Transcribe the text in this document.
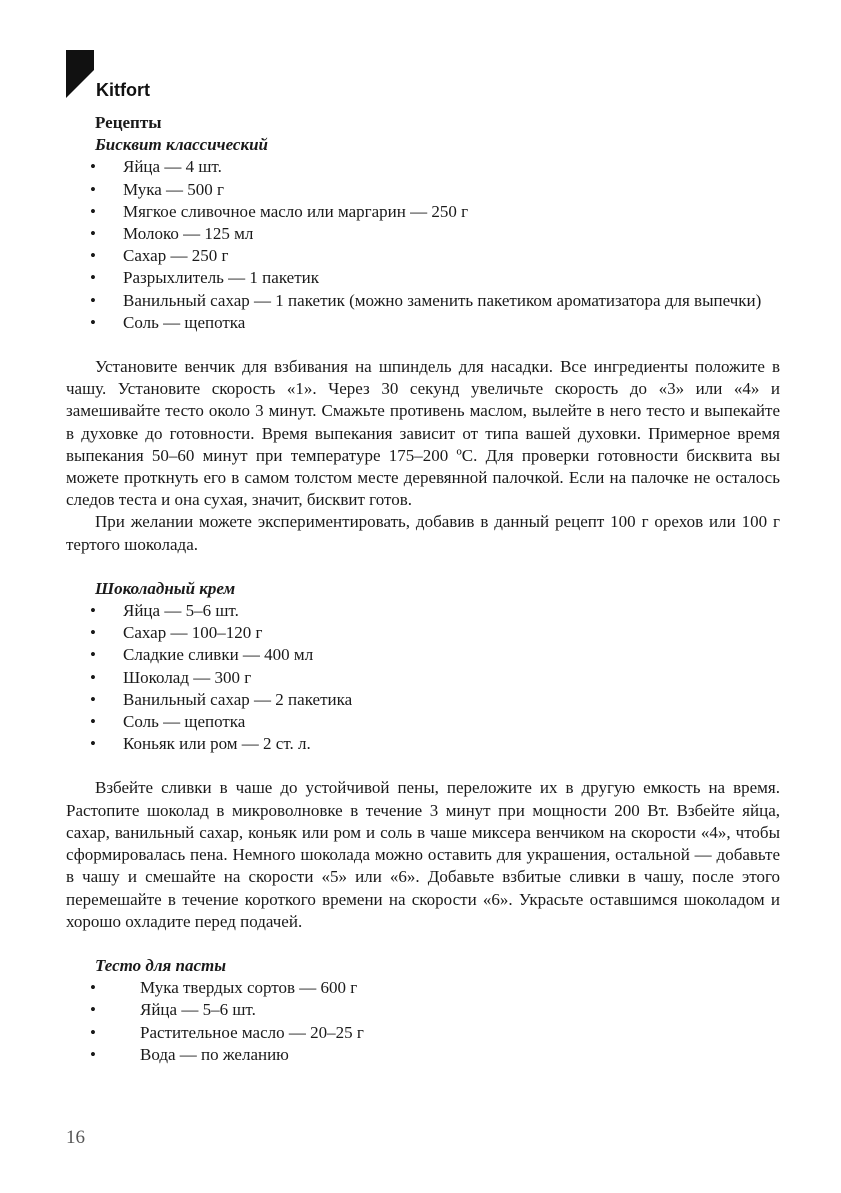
Kitfort
Рецепты
Бисквит классический
• Яйца — 4 шт.
• Мука — 500 г
• Мягкое сливочное масло или маргарин — 250 г
• Молоко — 125 мл
• Сахар — 250 г
• Разрыхлитель — 1 пакетик
• Ванильный сахар — 1 пакетик (можно заменить пакетиком ароматизатора для выпечки)
• Соль — щепотка

Установите венчик для взбивания на шпиндель для насадки. Все ингредиенты положите в чашу. Установите скорость «1». Через 30 секунд увеличьте скорость до «3» или «4» и замешивайте тесто около 3 минут. Смажьте противень маслом, вылейте в него тесто и выпекайте в духовке до готовности. Время выпекания зависит от типа вашей духовки. Примерное время выпекания 50–60 минут при температуре 175–200 ºC. Для проверки готовности бисквита вы можете проткнуть его в самом толстом месте деревянной палочкой. Если на палочке не осталось следов теста и она сухая, значит, бисквит готов.

При желании можете экспериментировать, добавив в данный рецепт 100 г орехов или 100 г тертого шоколада.

Шоколадный крем
• Яйца — 5–6 шт.
• Сахар — 100–120 г
• Сладкие сливки — 400 мл
• Шоколад — 300 г
• Ванильный сахар — 2 пакетика
• Соль — щепотка
• Коньяк или ром — 2 ст. л.

Взбейте сливки в чаше до устойчивой пены, переложите их в другую емкость на время. Растопите шоколад в микроволновке в течение 3 минут при мощности 200 Вт. Взбейте яйца, сахар, ванильный сахар, коньяк или ром и соль в чаше миксера венчиком на скорости «4», чтобы сформировалась пена. Немного шоколада можно оставить для украшения, остальной — добавьте в чашу и смешайте на скорости «5» или «6». Добавьте взбитые сливки в чашу, после этого перемешайте в течение короткого времени на скорости «6». Украсьте оставшимся шоколадом и хорошо охладите перед подачей.

Тесто для пасты
• Мука твердых сортов — 600 г
• Яйца — 5–6 шт.
• Растительное масло — 20–25 г
• Вода — по желанию
16
